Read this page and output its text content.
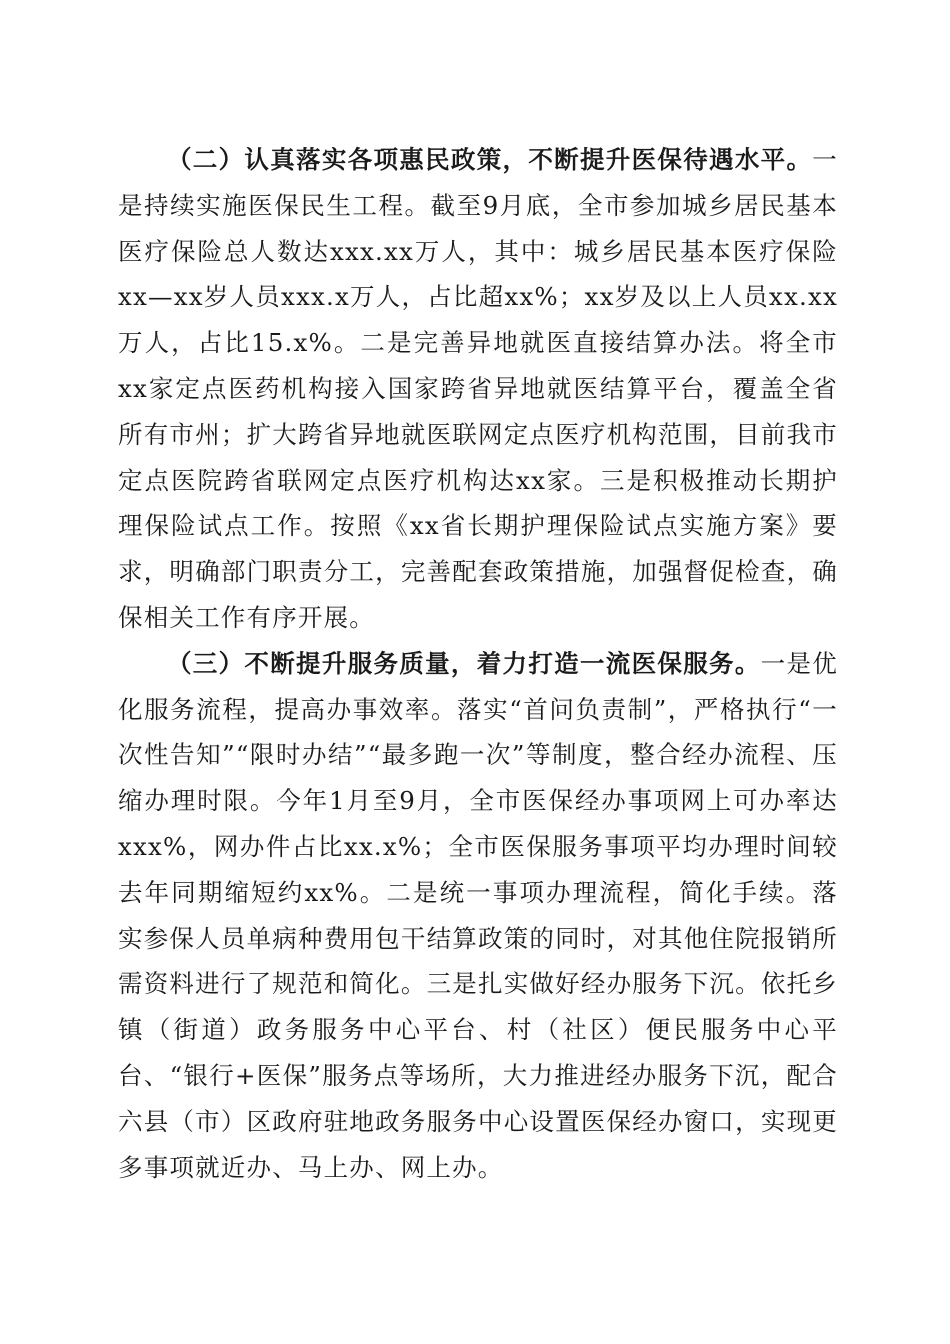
（二）认真落实各项惠民政策，不断提升医保待遇水平。一是持续实施医保民生工程。截至9月底，全市参加城乡居民基本医疗保险总人数达xxx.xx万人，其中：城乡居民基本医疗保险xx—xx岁人员xxx.x万人，占比超xx%；xx岁及以上人员xx.xx万人，占比15.x%。二是完善异地就医直接结算办法。将全市xx家定点医药机构接入国家跨省异地就医结算平台，覆盖全省所有市州；扩大跨省异地就医联网定点医疗机构范围，目前我市定点医院跨省联网定点医疗机构达xx家。三是积极推动长期护理保险试点工作。按照《xx省长期护理保险试点实施方案》要求，明确部门职责分工，完善配套政策措施，加强督促检查，确保相关工作有序开展。

（三）不断提升服务质量，着力打造一流医保服务。一是优化服务流程，提高办事效率。落实“首问负责制”，严格执行“一次性告知”“限时办结”“最多跑一次”等制度，整合经办流程、压缩办理时限。今年1月至9月，全市医保经办事项网上可办率达xxx%，网办件占比xx.x%；全市医保服务事项平均办理时间较去年同期缩短约xx%。二是统一事项办理流程，简化手续。落实参保人员单病种费用包干结算政策的同时，对其他住院报销所需资料进行了规范和简化。三是扎实做好经办服务下沉。依托乡镇（街道）政务服务中心平台、村（社区）便民服务中心平台、“银行+医保”服务点等场所，大力推进经办服务下沉，配合六县（市）区政府驻地政务服务中心设置医保经办窗口，实现更多事项就近办、马上办、网上办。
